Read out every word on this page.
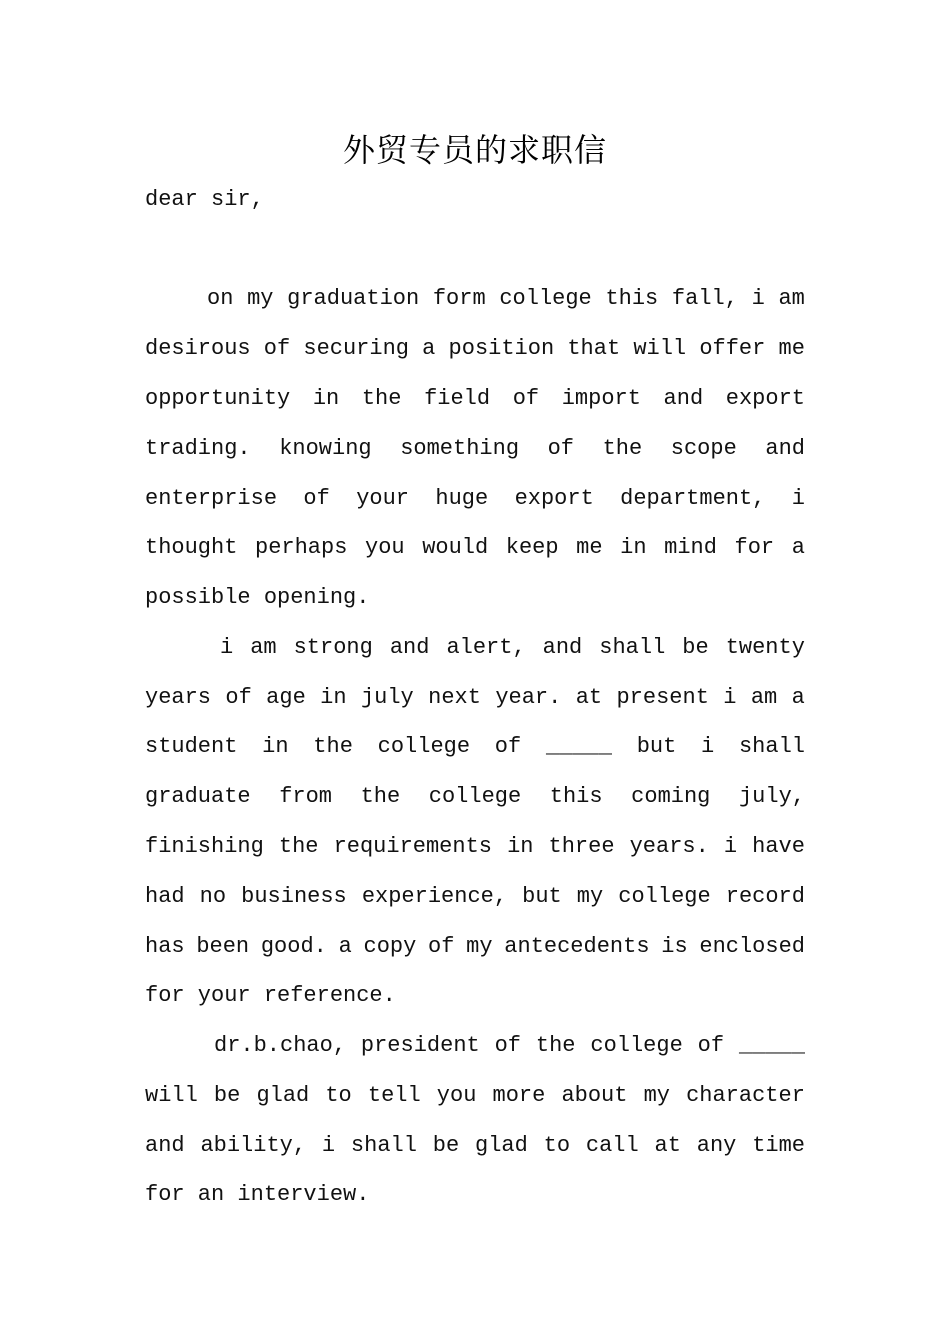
外贸专员的求职信
dear sir,
on my graduation form college this fall, i am
desirous of securing a position that will offer me
opportunity in the field of import and export
trading. knowing something of the scope and
enterprise of your huge export department, i
thought perhaps you would keep me in mind for a
possible opening.
i am strong and alert, and shall be twenty
years of age in july next year. at present i am a
student in the college of _____ but i shall
graduate from the college this coming july,
finishing the requirements in three years. i have
had no business experience, but my college record
has been good. a copy of my antecedents is enclosed
for your reference.
dr.b.chao, president of the college of _____
will be glad to tell you more about my character
and ability, i shall be glad to call at any time
for an interview.
